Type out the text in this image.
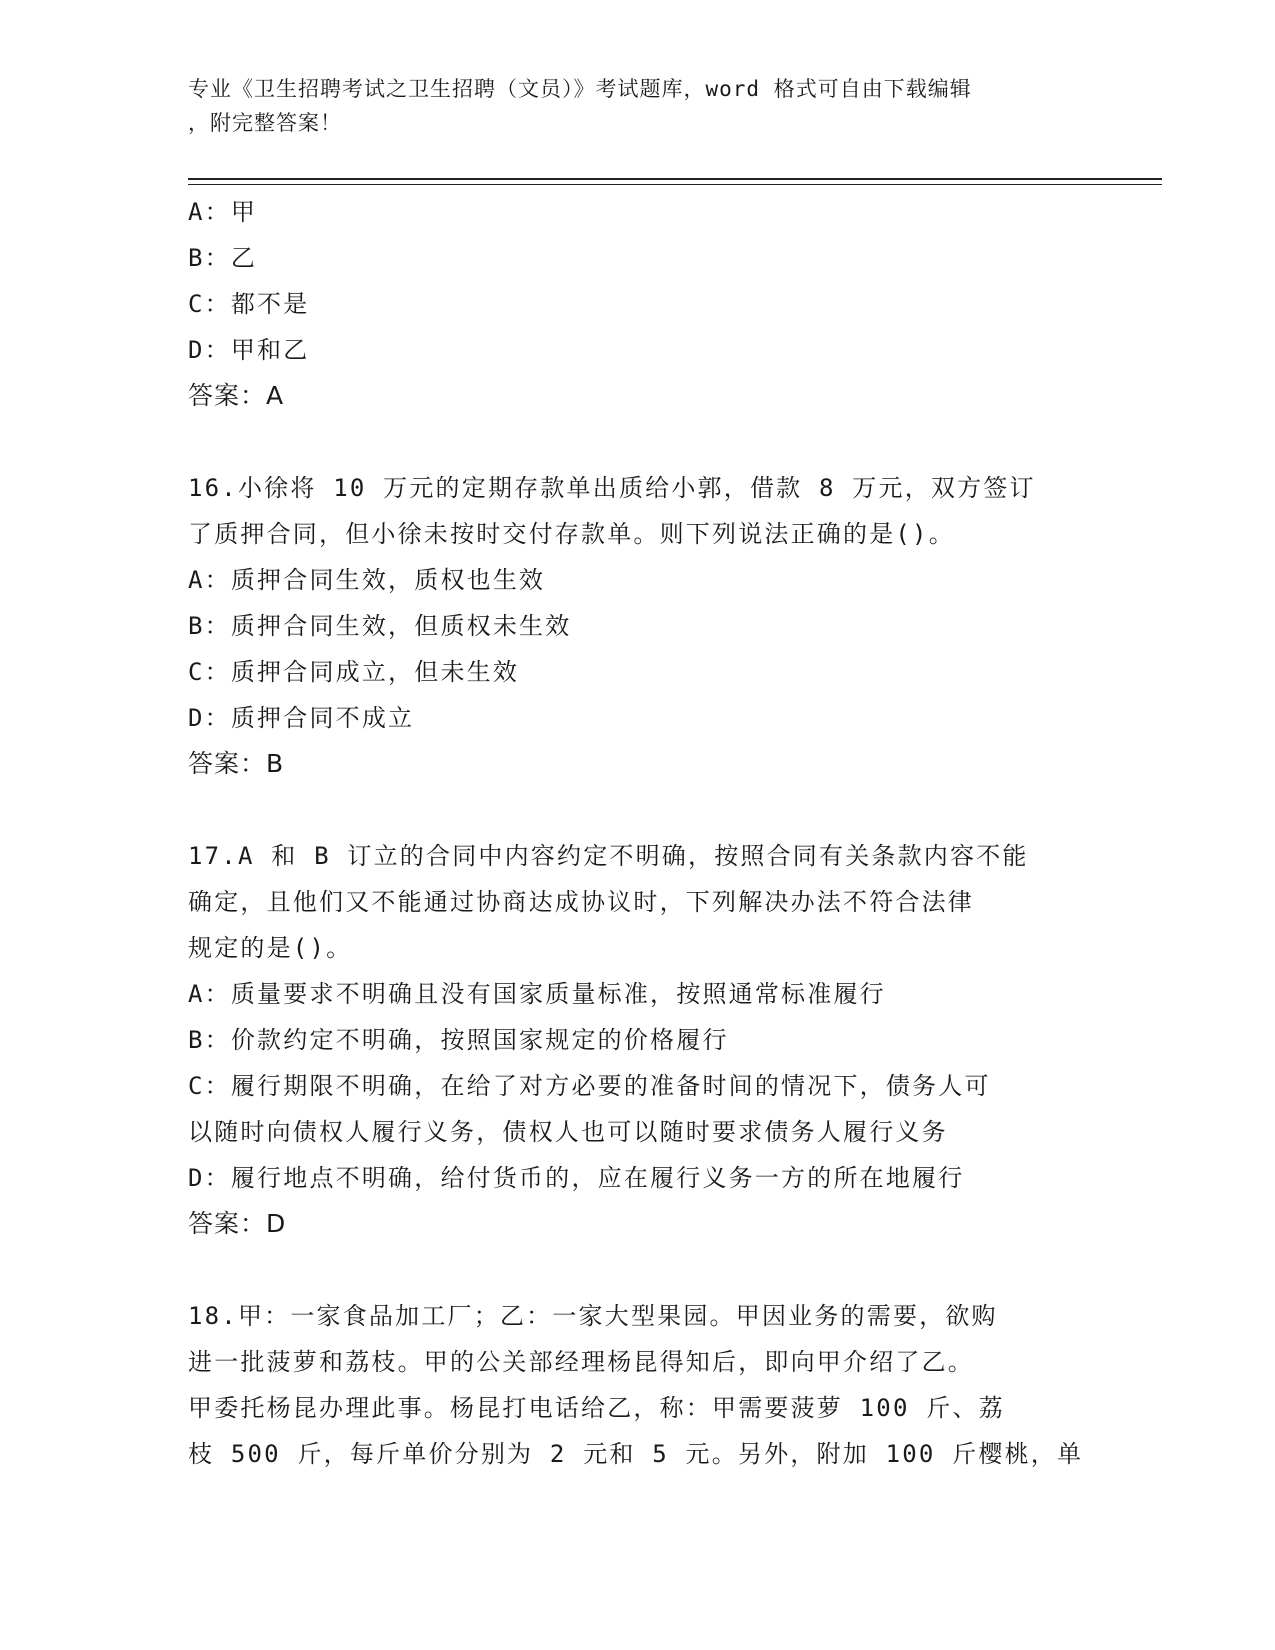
专业《卫生招聘考试之卫生招聘（文员）》考试题库，word 格式可自由下载编辑
，附完整答案！
A：甲
B：乙
C：都不是
D：甲和乙
答案：A
16.小徐将 10 万元的定期存款单出质给小郭，借款 8 万元，双方签订
了质押合同，但小徐未按时交付存款单。则下列说法正确的是()。
A：质押合同生效，质权也生效
B：质押合同生效，但质权未生效
C：质押合同成立，但未生效
D：质押合同不成立
答案：B
17.A 和 B 订立的合同中内容约定不明确，按照合同有关条款内容不能
确定，且他们又不能通过协商达成协议时，下列解决办法不符合法律
规定的是()。
A：质量要求不明确且没有国家质量标准，按照通常标准履行
B：价款约定不明确，按照国家规定的价格履行
C：履行期限不明确，在给了对方必要的准备时间的情况下，债务人可
以随时向债权人履行义务，债权人也可以随时要求债务人履行义务
D：履行地点不明确，给付货币的，应在履行义务一方的所在地履行
答案：D
18.甲：一家食品加工厂；乙：一家大型果园。甲因业务的需要，欲购
进一批菠萝和荔枝。甲的公关部经理杨昆得知后，即向甲介绍了乙。
甲委托杨昆办理此事。杨昆打电话给乙，称：甲需要菠萝 100 斤、荔
枝 500 斤，每斤单价分别为 2 元和 5 元。另外，附加 100 斤樱桃，单
